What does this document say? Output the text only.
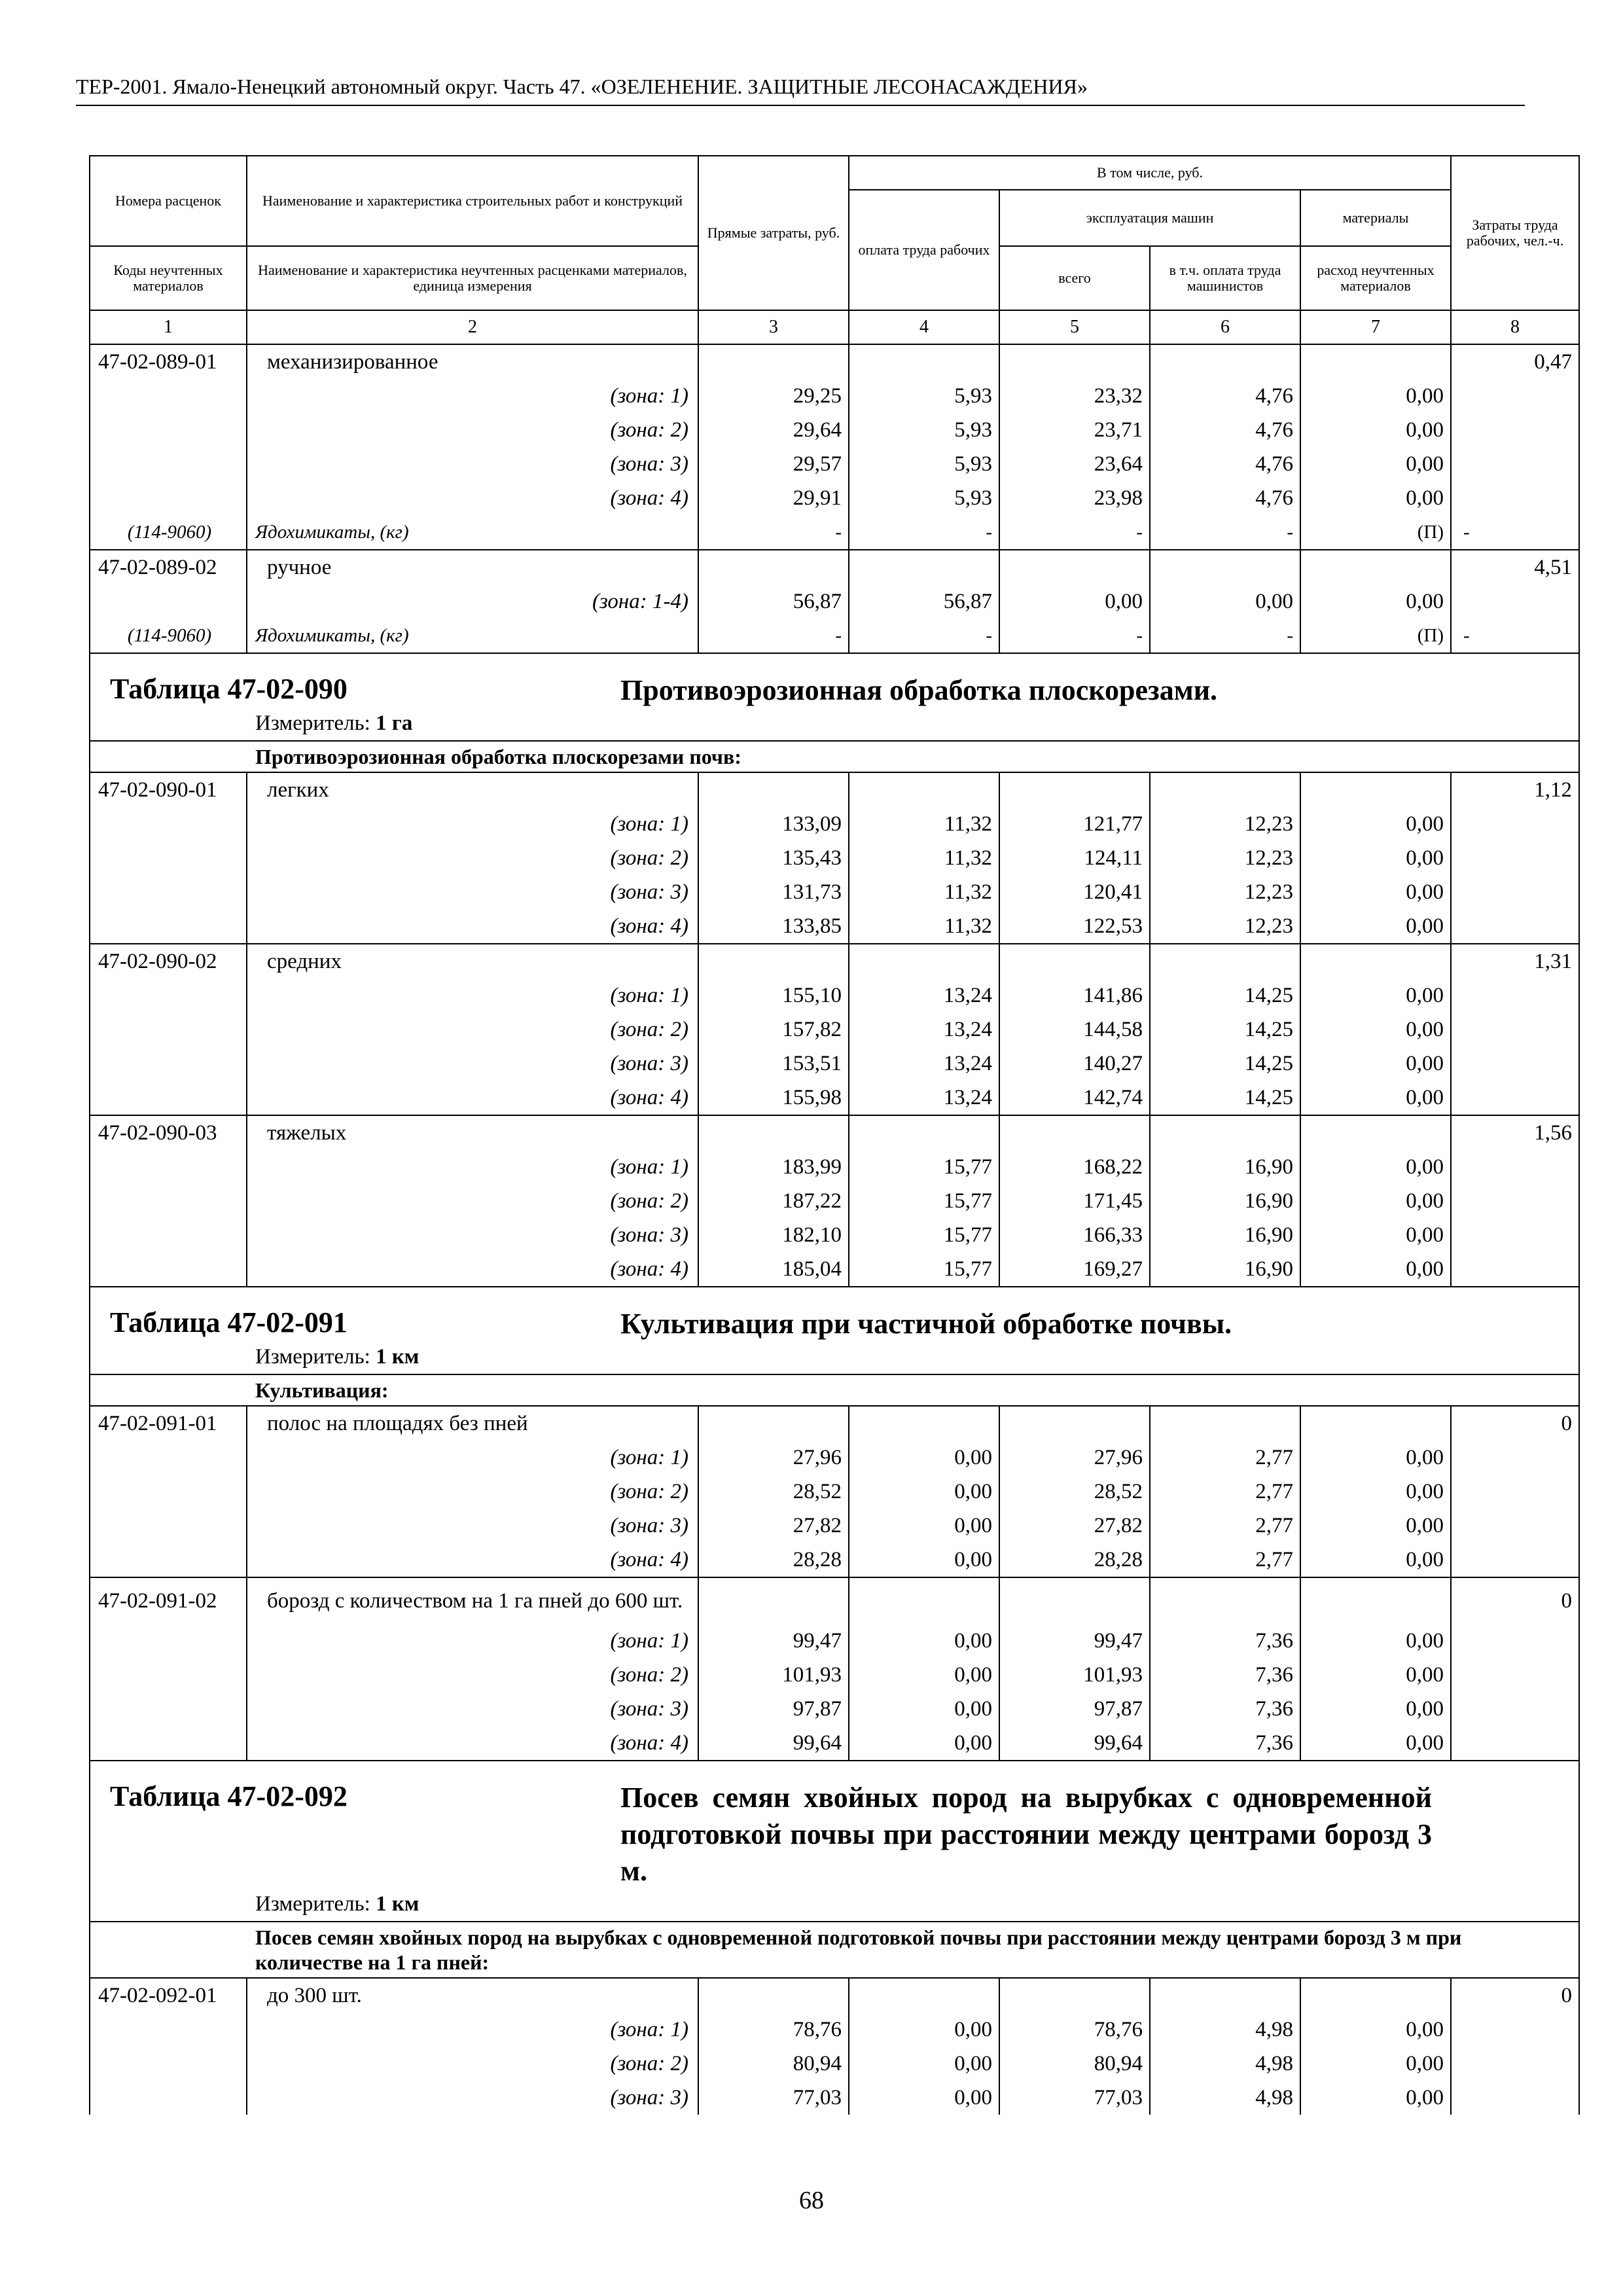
ТЕР-2001. Ямало-Ненецкий автономный округ. Часть 47. «ОЗЕЛЕНЕНИЕ. ЗАЩИТНЫЕ ЛЕСОНАСАЖДЕНИЯ»
Номера расценок	Наименование и характеристика строительных работ и конструкций	Прямые затраты, руб.	В том числе, руб.				Затраты труда рабочих, чел.-ч.
			оплата труда рабочих	эксплуатация машин		материалы	
Коды неучтенных материалов	Наименование и характеристика неучтенных расценками материалов, единица измерения			всего	в т.ч. оплата труда машинистов	расход неучтенных материалов	
1	2	3	4	5	6	7	8
47-02-089-01	механизированное						0,47
	(зона: 1)	29,25	5,93	23,32	4,76	0,00	
	(зона: 2)	29,64	5,93	23,71	4,76	0,00	
	(зона: 3)	29,57	5,93	23,64	4,76	0,00	
	(зона: 4)	29,91	5,93	23,98	4,76	0,00	
(114-9060)	Ядохимикаты, (кг)	-	-	-	-	(П)	-
47-02-089-02	ручное						4,51
	(зона: 1-4)	56,87	56,87	0,00	0,00	0,00	
(114-9060)	Ядохимикаты, (кг)	-	-	-	-	(П)	-

Таблица 47-02-090 Противоэрозионная обработка плоскорезами.
Измеритель: 1 га							

Противоэрозионная обработка плоскорезами почв:							
47-02-090-01	легких						1,12
	(зона: 1)	133,09	11,32	121,77	12,23	0,00	
	(зона: 2)	135,43	11,32	124,11	12,23	0,00	
	(зона: 3)	131,73	11,32	120,41	12,23	0,00	
	(зона: 4)	133,85	11,32	122,53	12,23	0,00	
47-02-090-02	средних						1,31
	(зона: 1)	155,10	13,24	141,86	14,25	0,00	
	(зона: 2)	157,82	13,24	144,58	14,25	0,00	
	(зона: 3)	153,51	13,24	140,27	14,25	0,00	
	(зона: 4)	155,98	13,24	142,74	14,25	0,00	
47-02-090-03	тяжелых						1,56
	(зона: 1)	183,99	15,77	168,22	16,90	0,00	
	(зона: 2)	187,22	15,77	171,45	16,90	0,00	
	(зона: 3)	182,10	15,77	166,33	16,90	0,00	
	(зона: 4)	185,04	15,77	169,27	16,90	0,00	

Таблица 47-02-091 Культивация при частичной обработке почвы.
Измеритель: 1 км							

Культивация:							
47-02-091-01	полос на площадях без пней						0
	(зона: 1)	27,96	0,00	27,96	2,77	0,00	
	(зона: 2)	28,52	0,00	28,52	2,77	0,00	
	(зона: 3)	27,82	0,00	27,82	2,77	0,00	
	(зона: 4)	28,28	0,00	28,28	2,77	0,00	
47-02-091-02	борозд с количеством на 1 га пней до 600 шт.						0
	(зона: 1)	99,47	0,00	99,47	7,36	0,00	
	(зона: 2)	101,93	0,00	101,93	7,36	0,00	
	(зона: 3)	97,87	0,00	97,87	7,36	0,00	
	(зона: 4)	99,64	0,00	99,64	7,36	0,00	

Таблица 47-02-092 Посев семян хвойных пород на вырубках с одновременной подготовкой почвы при расстоянии между центрами борозд 3 м.
Измеритель: 1 км							

Посев семян хвойных пород на вырубках с одновременной подготовкой почвы при расстоянии между центрами борозд 3 м при количестве на 1 га пней:							
47-02-092-01	до 300 шт.						0
	(зона: 1)	78,76	0,00	78,76	4,98	0,00	
	(зона: 2)	80,94	0,00	80,94	4,98	0,00	
	(зона: 3)	77,03	0,00	77,03	4,98	0,00	
68
